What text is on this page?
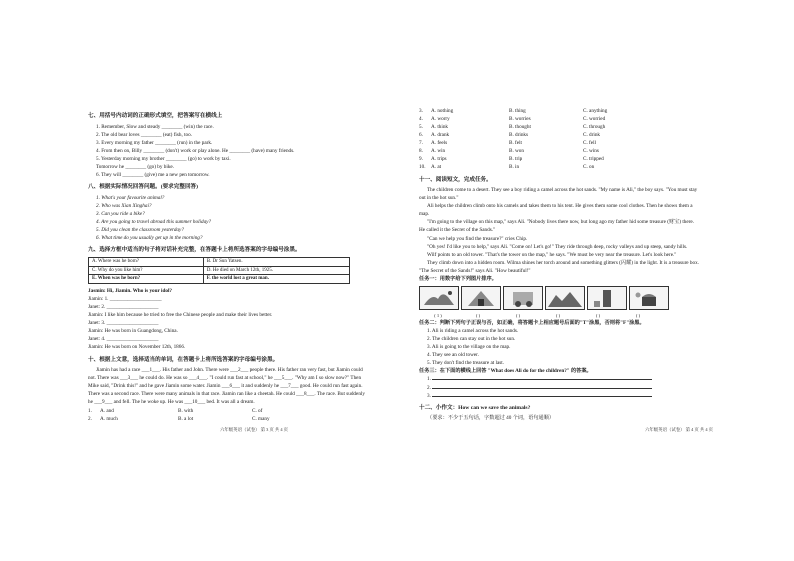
七、用括号内动词的正确形式填空，把答案写在横线上
1. Remember, Slow and steady ________ (win) the race.
2. The old bear loves ________ (eat) fish, too.
3. Every morning my father ________ (run) in the park.
4. From then on, Billy ________ (don't) work or play alone. He ________ (have) many friends.
5. Yesterday morning my brother ________ (go) to work by taxi.
Tomorrow he ________ (go) by bike.
6. They will ________ (give) me a new pen tomorrow.
八、根据实际情况回答问题。(要求完整回答)
1. What's your favourite animal?
2. Who was Xian Xinghai?
3. Can you ride a bike?
4. Are you going to travel abroad this summer holiday?
5. Did you clean the classroom yesterday?
6. What time do you usually get up in the morning?
九、选择方框中适当的句子将对话补充完整，在答题卡上将所选答案的字母编号涂黑。
A. Where was he born?	B. Dr Sun Yatsen.
C. Why do you like him?	D. He died on March 12th, 1925.
E. When was he born?	F. the world lost a great man.
Jasmin: Hi, Jiamin. Who is your idol?
Jiamin: 1. ____________________
Janet: 2. ____________________
Jiamin: I like him because he tried to free the Chinese people and make their lives better.
Janet: 3. ____________________
Jiamin: He was born in Guangdong, China.
Janet: 4. ____________________
Jiamin: He was born on November 12th, 1866.
十、根据上文意，选择适当的单词，在答题卡上将所选答案的字母编号涂黑。
Jiamin has had a race ___1___. His father and John. There were ___2___ people there. His father ran very fast, but Jiamin could not. There was ___3___ he could do. He was so ___4___. "I could run fast at school," he ___5___. "Why am I so slow now?" Then Mike said, "Drink this!" and he gave Jiamin some water. Jiamin ___6___ it and suddenly he ___7___ good. He could run fast again. There was a second race. There were many animals in that race. Jiamin ran like a cheetah. He could ___8___. The race. But suddenly he ___9___ and fell. The he woke up. He was ___10___ bed. It was all a dream.
1.	A. and	B. with	C. of
2.	A. much	B. a lot	C. many
六年级英语（试卷） 第 3 页 共 4 页
3.	A. nothing	B. thing	C. anything
4.	A. worry	B. worries	C. worried
5.	A. think	B. thought	C. through
6.	A. drank	B. drinks	C. drink
7.	A. feels	B. felt	C. fell
8.	A. win	B. won	C. wins
9.	A. trips	B. trip	C. tripped
10.	A. at	B. in	C. on
十一、阅读短文，完成任务。
The children come to a desert. They see a boy riding a camel across the hot sands. "My name is Ali," the boy says. "You must stay out in the hot sun."
Ali helps the children climb onto his camels and takes them to his tent. He gives them some cool clothes. Then he shows them a map.
"I'm going to the village on this map," says Ali. "Nobody lives there now, but long ago my father hid some treasure (财宝) there. He called it the Secret of the Sands."
"Can we help you find the treasure?" cries Chip.
"Oh yes! I'd like you to help," says Ali. "Come on! Let's go!" They ride through deep, rocky valleys and up steep, sandy hills.
Wilf points to an old tower. "That's the tower on the map," he says. "We must be very near the treasure. Let's look here."
They climb down into a hidden room. Wilma shines her torch around and something glitters (闪耀) in the light. It is a treasure box. "The Secret of the Sands!" says Ali. "How beautiful!"
任务一：用数字给下列图片排序。
( 1 )	( )	( )	( )	( )	( )
任务二：判断下列句子正误与否，如正确，将答题卡上相应题号后面的"T"涂黑，否则将"F"涂黑。
1. Ali is riding a camel across the hot sands.
2. The children can stay out in the hot sun.
3. Ali is going to the village on the map.
4. They see an old tower.
5. They don't find the treasure at last.
任务三：在下面的横线上回答 "What does Ali do for the children?" 的答案。
1.
2.
3.
十二、小作文：How can we save the animals?
（要求：不少于五句话，字数超过 40 个词，语句通顺）
六年级英语（试卷） 第 4 页 共 4 页
